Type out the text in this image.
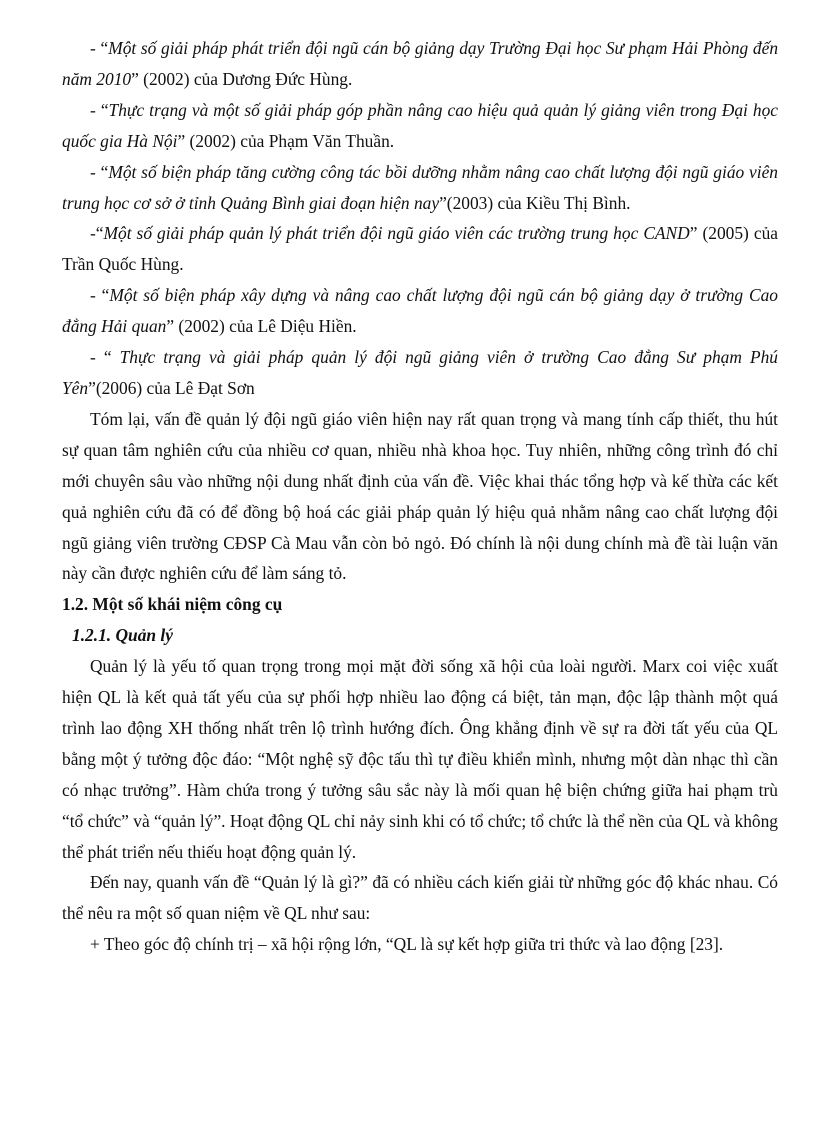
- “Một số giải pháp phát triển đội ngũ cán bộ giảng dạy Trường Đại học Sư phạm Hải Phòng đến năm 2010” (2002) của Dương Đức Hùng.

- “Thực trạng và một số giải pháp góp phần nâng cao hiệu quả quản lý giảng viên trong Đại học quốc gia Hà Nội” (2002) của Phạm Văn Thuần.

- “Một số biện pháp tăng cường công tác bồi dưỡng nhằm nâng cao chất lượng đội ngũ giáo viên trung học cơ sở ở tỉnh Quảng Bình giai đoạn hiện nay”(2003) của Kiều Thị Bình.

-“Một số giải pháp quản lý phát triển đội ngũ giáo viên các trường trung học CAND” (2005) của Trần Quốc Hùng.

- “Một số biện pháp xây dựng và nâng cao chất lượng đội ngũ cán bộ giảng dạy ở trường Cao đẳng Hải quan” (2002) của Lê Diệu Hiền.

- “ Thực trạng và giải pháp quản lý đội ngũ giảng viên ở trường Cao đẳng Sư phạm Phú Yên”(2006) của Lê Đạt Sơn

Tóm lại, vấn đề quản lý đội ngũ giáo viên hiện nay rất quan trọng và mang tính cấp thiết, thu hút sự quan tâm nghiên cứu của nhiều cơ quan, nhiều nhà khoa học. Tuy nhiên, những công trình đó chỉ mới chuyên sâu vào những nội dung nhất định của vấn đề. Việc khai thác tổng hợp và kế thừa các kết quả nghiên cứu đã có để đồng bộ hoá các giải pháp quản lý hiệu quả nhằm nâng cao chất lượng đội ngũ giảng viên trường CĐSP Cà Mau vẫn còn bỏ ngỏ. Đó chính là nội dung chính mà đề tài luận văn này cần được nghiên cứu để làm sáng tỏ.

1.2. Một số khái niệm công cụ

1.2.1. Quản lý

Quản lý là yếu tố quan trọng trong mọi mặt đời sống xã hội của loài người. Marx coi việc xuất hiện QL là kết quả tất yếu của sự phối hợp nhiều lao động cá biệt, tản mạn, độc lập thành một quá trình lao động XH thống nhất trên lộ trình hướng đích. Ông khẳng định về sự ra đời tất yếu của QL bằng một ý tưởng độc đáo: “Một nghệ sỹ độc tấu thì tự điều khiển mình, nhưng một dàn nhạc thì cần có nhạc trưởng”. Hàm chứa trong ý tưởng sâu sắc này là mối quan hệ biện chứng giữa hai phạm trù “tổ chức” và “quản lý”. Hoạt động QL chỉ nảy sinh khi có tổ chức; tổ chức là thể nền của QL và không thể phát triển nếu thiếu hoạt động quản lý.

Đến nay, quanh vấn đề “Quản lý là gì?” đã có nhiều cách kiến giải từ những góc độ khác nhau. Có thể nêu ra một số quan niệm về QL như sau:

+ Theo góc độ chính trị – xã hội rộng lớn, “QL là sự kết hợp giữa tri thức và lao động [23].
